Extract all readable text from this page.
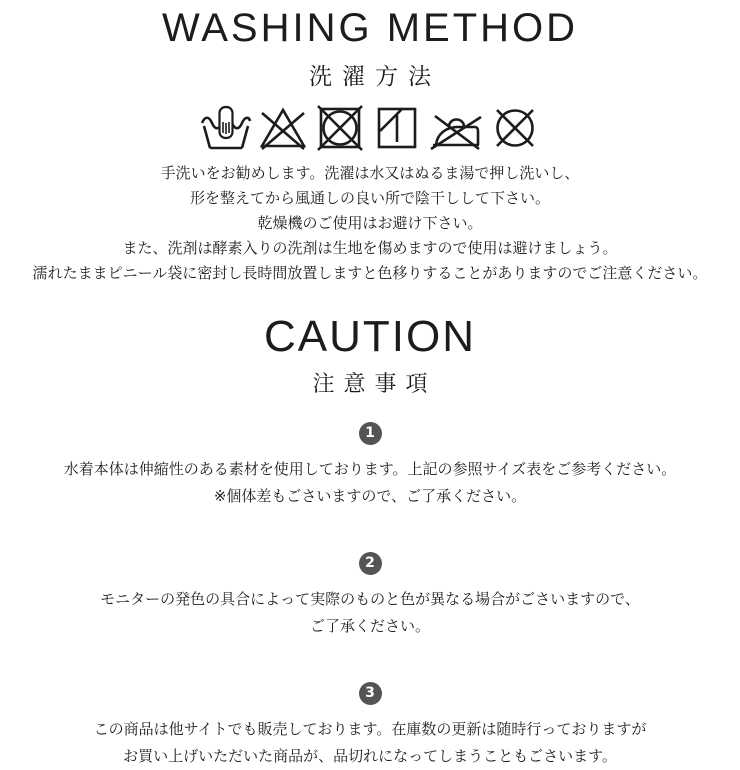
WASHING METHOD
洗濯方法
手洗いをお勧めします。洗濯は水又はぬるま湯で押し洗いし、
形を整えてから風通しの良い所で陰干しして下さい。
乾燥機のご使用はお避け下さい。
また、洗剤は酵素入りの洗剤は生地を傷めますので使用は避けましょう。
濡れたままピニール袋に密封し長時間放置しますと色移りすることがありますのでご注意ください。
CAUTION
注意事項
1
水着本体は伸縮性のある素材を使用しております。上記の参照サイズ表をご参考ください。
※個体差もごさいますので、ご了承ください。
2
モニターの発色の具合によって実際のものと色が異なる場合がごさいますので、
ご了承ください。
3
この商品は他サイトでも販売しております。在庫数の更新は随時行っておりますが
お買い上げいただいた商品が、品切れになってしまうこともごさいます。
